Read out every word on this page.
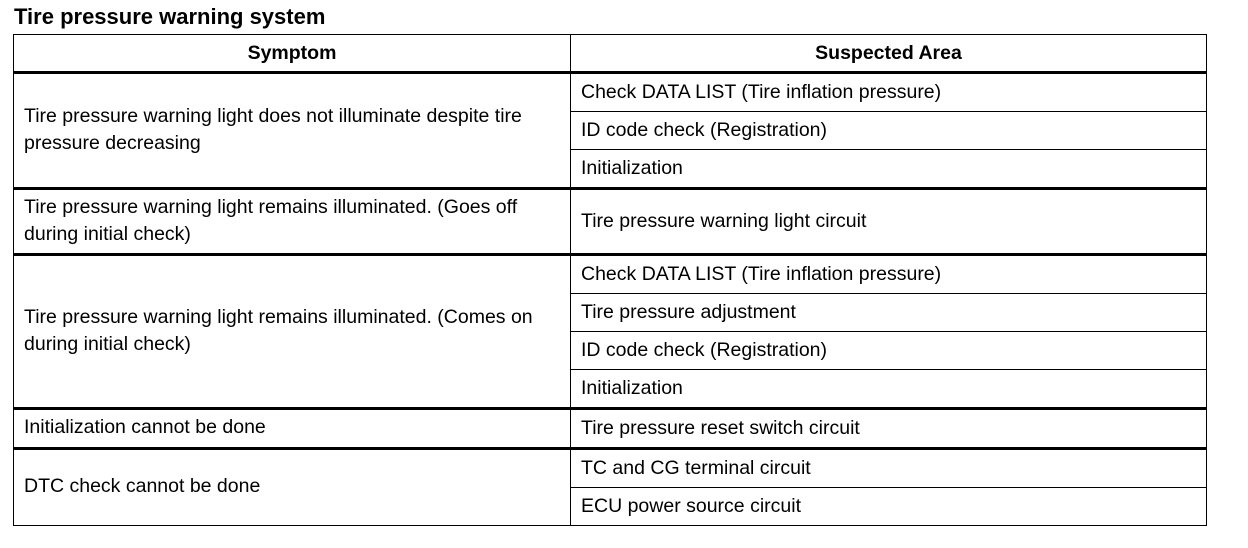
Tire pressure warning system
Symptom	Suspected Area
Tire pressure warning light does not illuminate despite tire pressure decreasing	Check DATA LIST (Tire inflation pressure)
	ID code check (Registration)
	Initialization
Tire pressure warning light remains illuminated. (Goes off during initial check)	Tire pressure warning light circuit
Tire pressure warning light remains illuminated. (Comes on during initial check)	Check DATA LIST (Tire inflation pressure)
	Tire pressure adjustment
	ID code check (Registration)
	Initialization
Initialization cannot be done	Tire pressure reset switch circuit
DTC check cannot be done	TC and CG terminal circuit
	ECU power source circuit
